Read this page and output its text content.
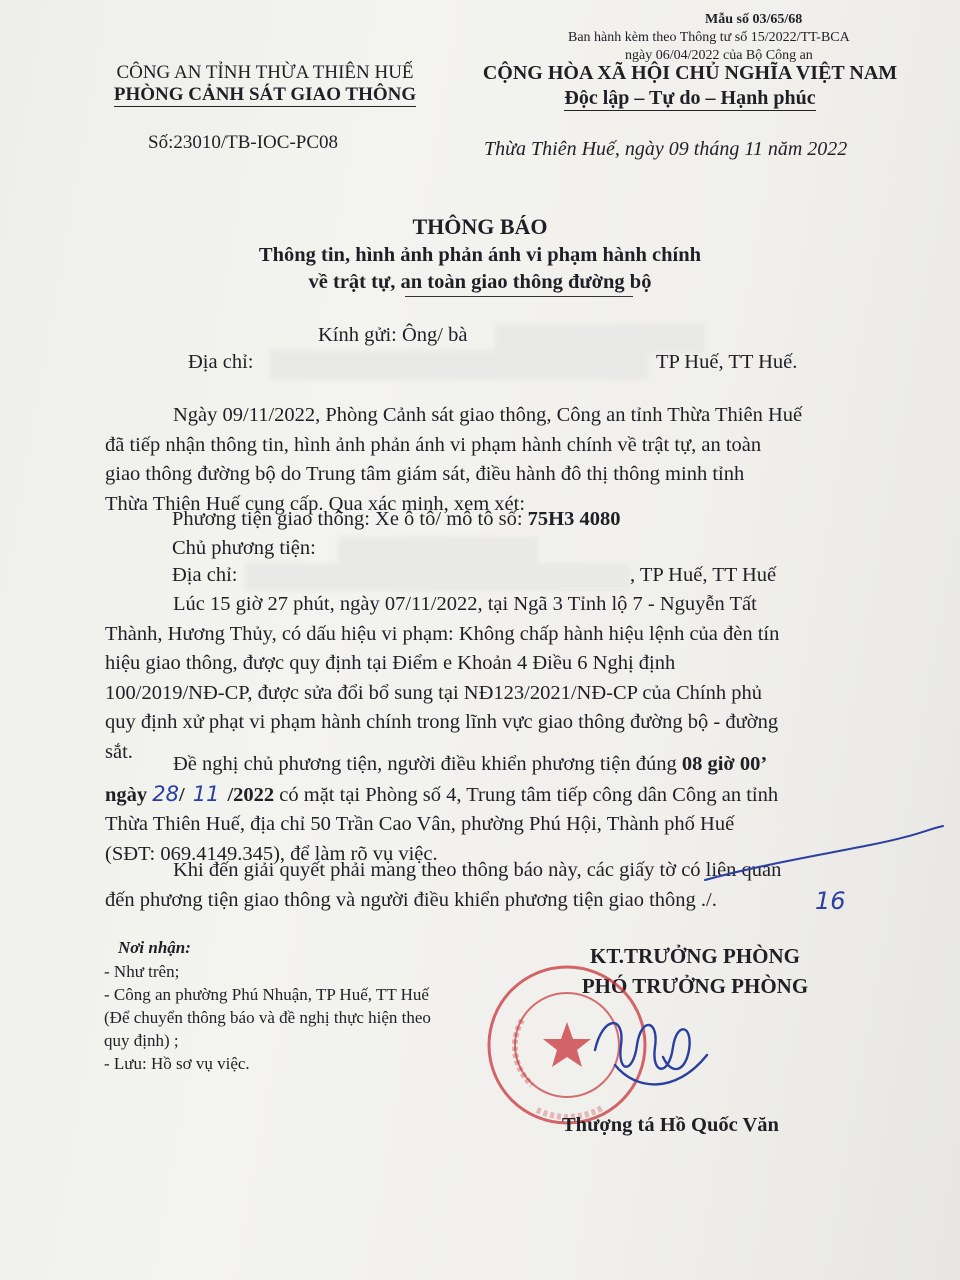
Mẫu số 03/65/68
Ban hành kèm theo Thông tư số 15/2022/TT-BCA
ngày 06/04/2022 của Bộ Công an
CÔNG AN TỈNH THỪA THIÊN HUẾ
PHÒNG CẢNH SÁT GIAO THÔNG
Số:23010/TB-IOC-PC08
CỘNG HÒA XÃ HỘI CHỦ NGHĨA VIỆT NAM
Độc lập – Tự do – Hạnh phúc
Thừa Thiên Huế, ngày 09 tháng 11 năm 2022
THÔNG BÁO
Thông tin, hình ảnh phản ánh vi phạm hành chính
về trật tự, an toàn giao thông đường bộ
Kính gửi: Ông/ bà
Địa chỉ:	TP Huế, TT Huế.
Ngày 09/11/2022, Phòng Cảnh sát giao thông, Công an tỉnh Thừa Thiên Huế
đã tiếp nhận thông tin, hình ảnh phản ánh vi phạm hành chính về trật tự, an toàn
giao thông đường bộ do Trung tâm giám sát, điều hành đô thị thông minh tỉnh
Thừa Thiên Huế cung cấp. Qua xác minh, xem xét:
Phương tiện giao thông: Xe ô tô/ mô tô số: 75H3 4080
Chủ phương tiện:
Địa chỉ:	, TP Huế, TT Huế
Lúc 15 giờ 27 phút, ngày 07/11/2022, tại Ngã 3 Tỉnh lộ 7 - Nguyễn Tất
Thành, Hương Thủy, có dấu hiệu vi phạm: Không chấp hành hiệu lệnh của đèn tín
hiệu giao thông, được quy định tại Điểm e Khoản 4 Điều 6 Nghị định
100/2019/NĐ-CP, được sửa đổi bổ sung tại NĐ123/2021/NĐ-CP của Chính phủ
quy định xử phạt vi phạm hành chính trong lĩnh vực giao thông đường bộ - đường
sắt.
Đề nghị chủ phương tiện, người điều khiển phương tiện đúng 08 giờ 00’
ngày 28/ 11 /2022 có mặt tại Phòng số 4, Trung tâm tiếp công dân Công an tỉnh
Thừa Thiên Huế, địa chỉ 50 Trần Cao Vân, phường Phú Hội, Thành phố Huế
(SĐT: 069.4149.345), để làm rõ vụ việc.
Khi đến giải quyết phải mang theo thông báo này, các giấy tờ có liên quan
đến phương tiện giao thông và người điều khiển phương tiện giao thông ./.	16
Nơi nhận:
- Như trên;
- Công an phường Phú Nhuận, TP Huế, TT Huế
(Để chuyển thông báo và đề nghị thực hiện theo
quy định) ;
- Lưu: Hồ sơ vụ việc.
KT.TRƯỞNG PHÒNG
PHÓ TRƯỞNG PHÒNG
Thượng tá Hồ Quốc Văn
